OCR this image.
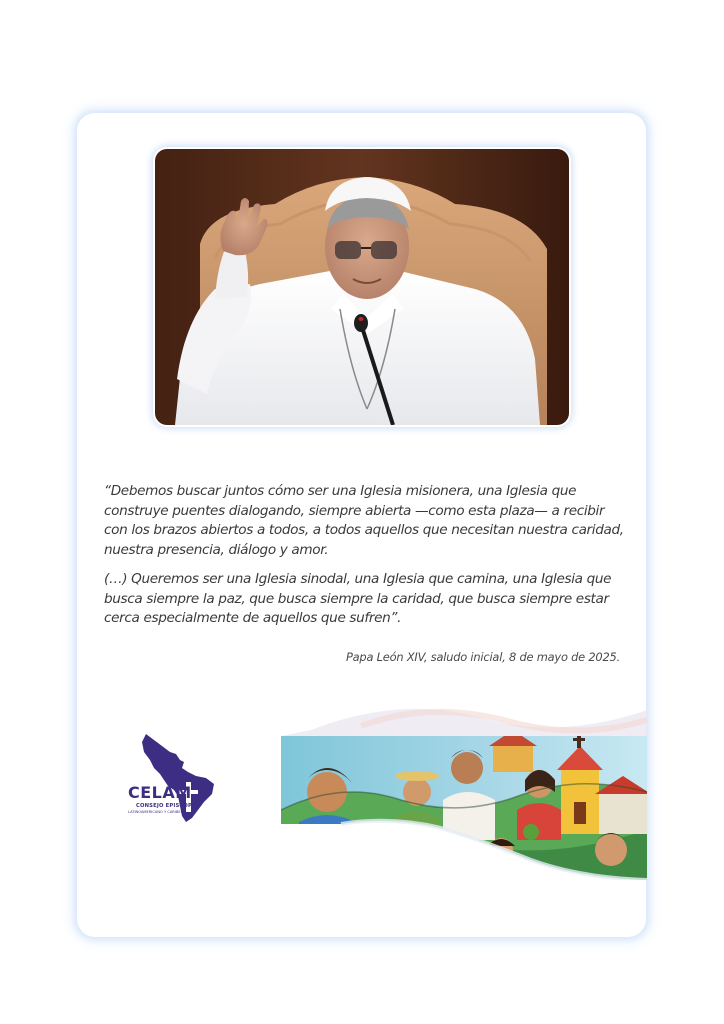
“Debemos buscar juntos cómo ser una Iglesia misionera, una Iglesia que construye puentes dialogando, siempre abierta —como esta plaza— a recibir con los brazos abiertos a todos, a todos aquellos que necesitan nuestra caridad, nuestra presencia, diálogo y amor.

(…) Queremos ser una Iglesia sinodal, una Iglesia que camina, una Iglesia que busca siempre la paz, que busca siempre la caridad, que busca siempre estar cerca especialmente de aquellos que sufren”.

Papa León XIV, saludo inicial, 8 de mayo de 2025.
CELAM
CONSEJO EPISCOPAL
LATINOAMERICANO Y CARIBEÑO
